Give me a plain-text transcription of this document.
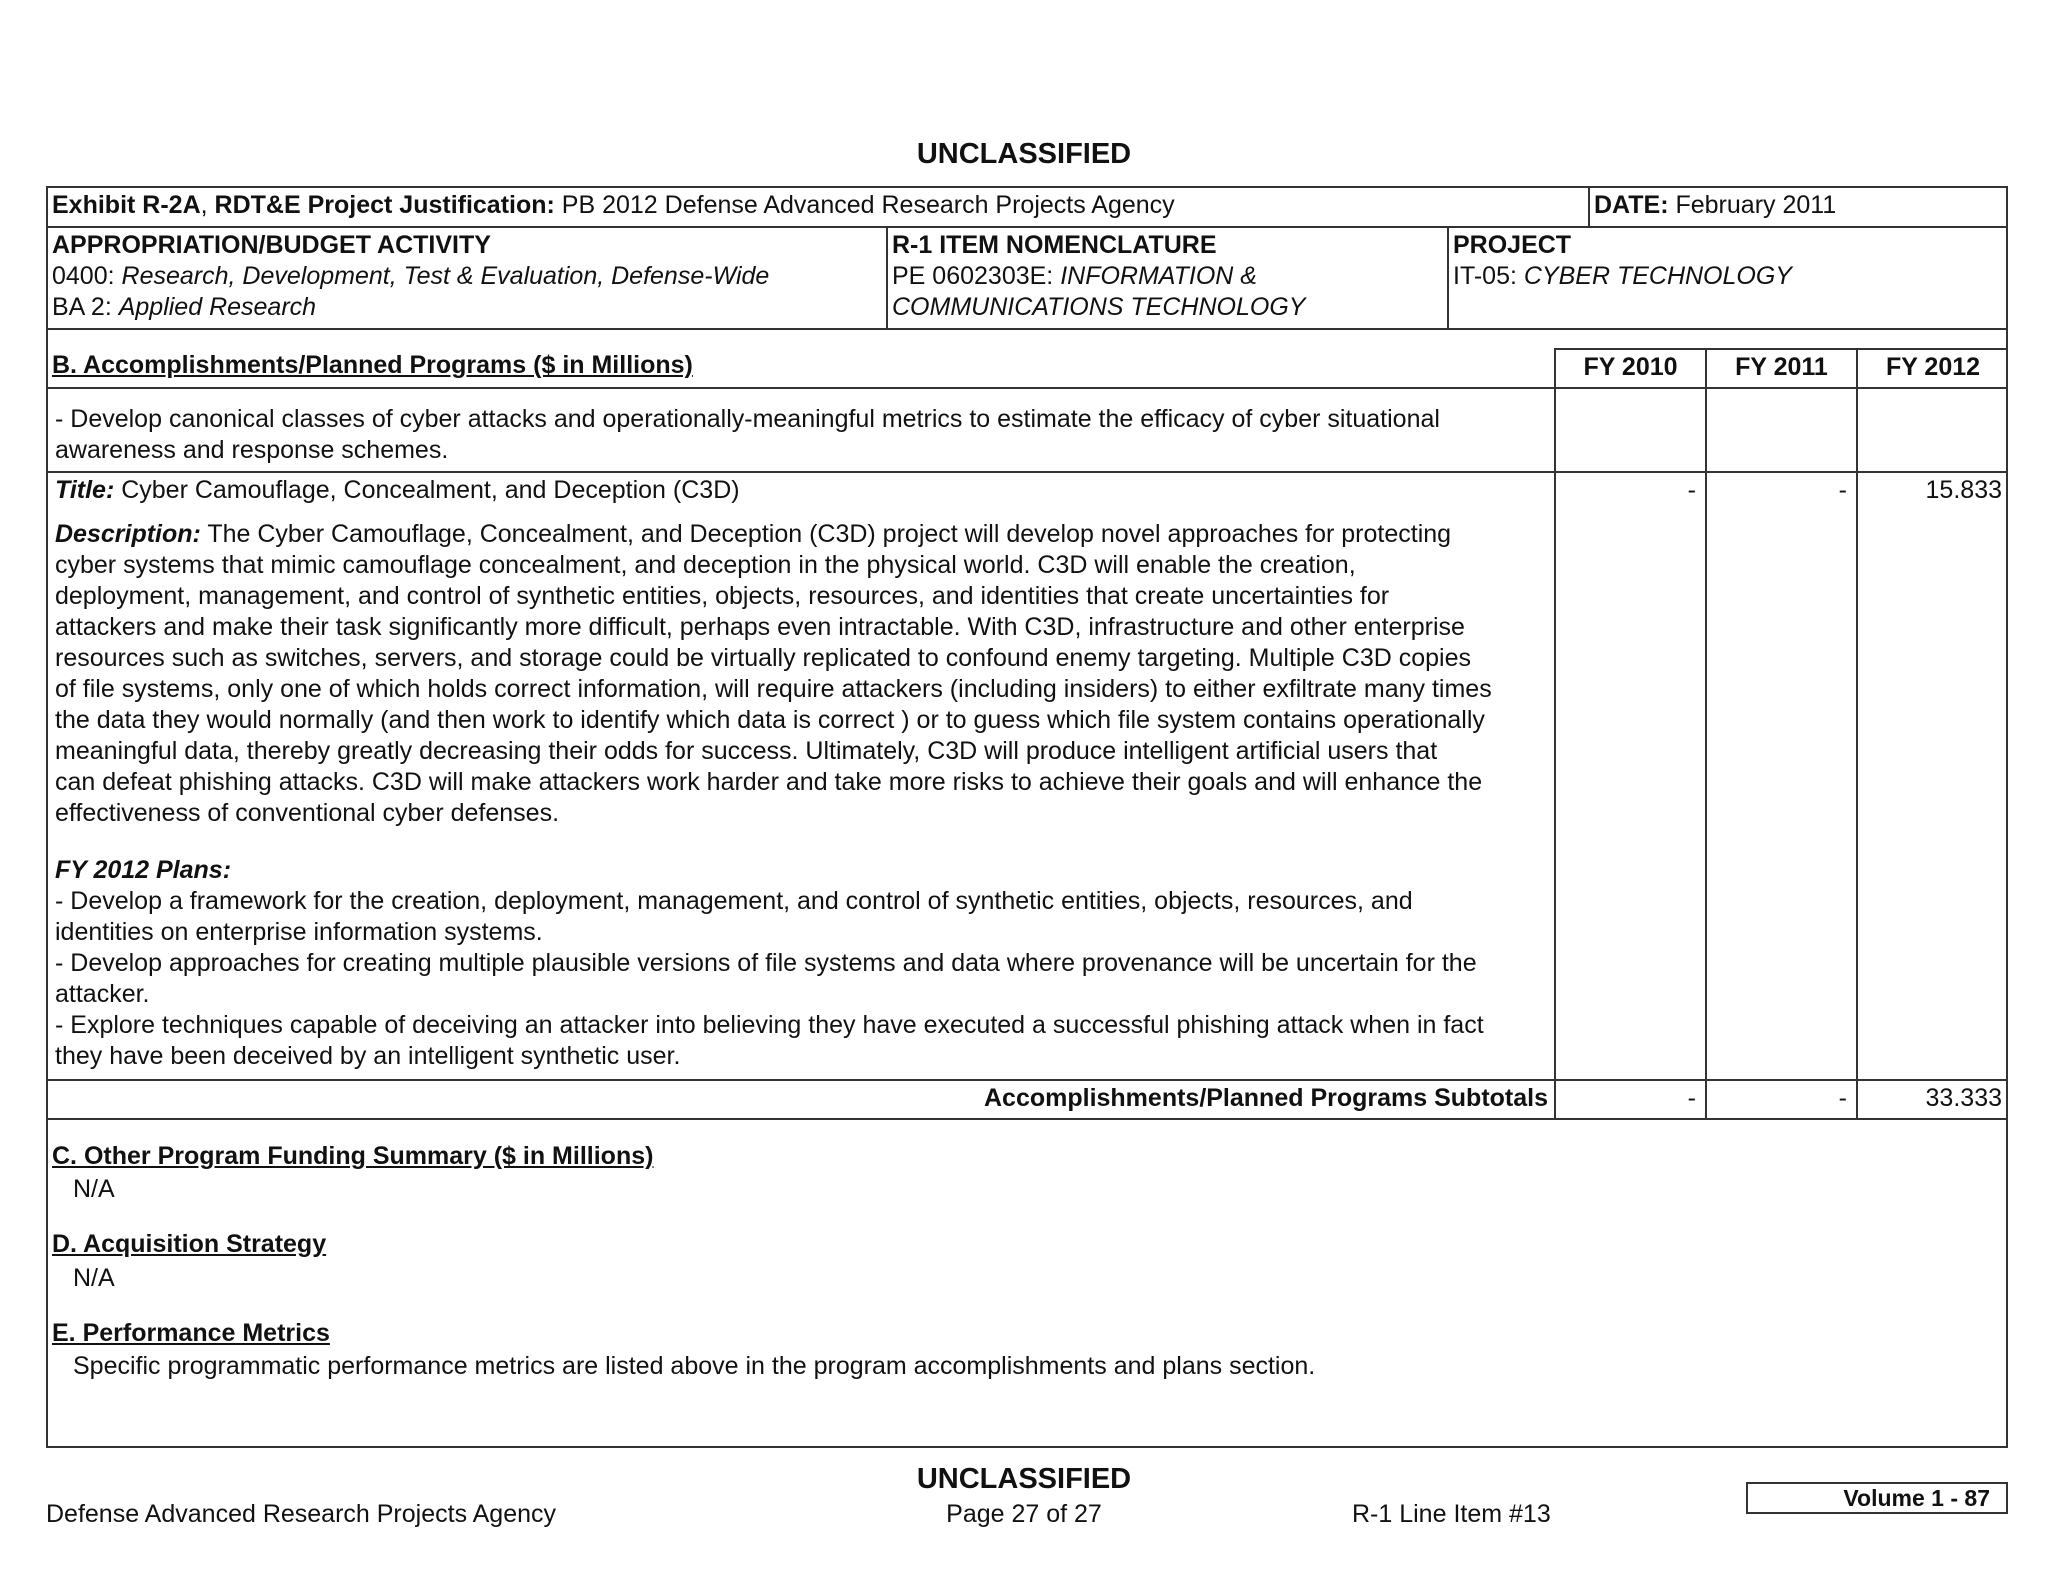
UNCLASSIFIED
Exhibit R-2A, RDT&E Project Justification: PB 2012 Defense Advanced Research Projects Agency	DATE: February 2011
APPROPRIATION/BUDGET ACTIVITY
0400: Research, Development, Test & Evaluation, Defense-Wide
BA 2: Applied Research
R-1 ITEM NOMENCLATURE
PE 0602303E: INFORMATION &
COMMUNICATIONS TECHNOLOGY
PROJECT
IT-05: CYBER TECHNOLOGY
B. Accomplishments/Planned Programs ($ in Millions)	FY 2010	FY 2011	FY 2012
- Develop canonical classes of cyber attacks and operationally-meaningful metrics to estimate the efficacy of cyber situational
awareness and response schemes.
Title: Cyber Camouflage, Concealment, and Deception (C3D)	-	-	15.833
Description: The Cyber Camouflage, Concealment, and Deception (C3D) project will develop novel approaches for protecting
cyber systems that mimic camouflage concealment, and deception in the physical world. C3D will enable the creation,
deployment, management, and control of synthetic entities, objects, resources, and identities that create uncertainties for
attackers and make their task significantly more difficult, perhaps even intractable. With C3D, infrastructure and other enterprise
resources such as switches, servers, and storage could be virtually replicated to confound enemy targeting. Multiple C3D copies
of file systems, only one of which holds correct information, will require attackers (including insiders) to either exfiltrate many times
the data they would normally (and then work to identify which data is correct ) or to guess which file system contains operationally
meaningful data, thereby greatly decreasing their odds for success. Ultimately, C3D will produce intelligent artificial users that
can defeat phishing attacks. C3D will make attackers work harder and take more risks to achieve their goals and will enhance the
effectiveness of conventional cyber defenses.
FY 2012 Plans:
- Develop a framework for the creation, deployment, management, and control of synthetic entities, objects, resources, and
identities on enterprise information systems.
- Develop approaches for creating multiple plausible versions of file systems and data where provenance will be uncertain for the
attacker.
- Explore techniques capable of deceiving an attacker into believing they have executed a successful phishing attack when in fact
they have been deceived by an intelligent synthetic user.
Accomplishments/Planned Programs Subtotals	-	-	33.333
C. Other Program Funding Summary ($ in Millions)
N/A
D. Acquisition Strategy
N/A
E. Performance Metrics
Specific programmatic performance metrics are listed above in the program accomplishments and plans section.
UNCLASSIFIED
Defense Advanced Research Projects Agency	Page 27 of 27	R-1 Line Item #13
Volume 1 - 87
